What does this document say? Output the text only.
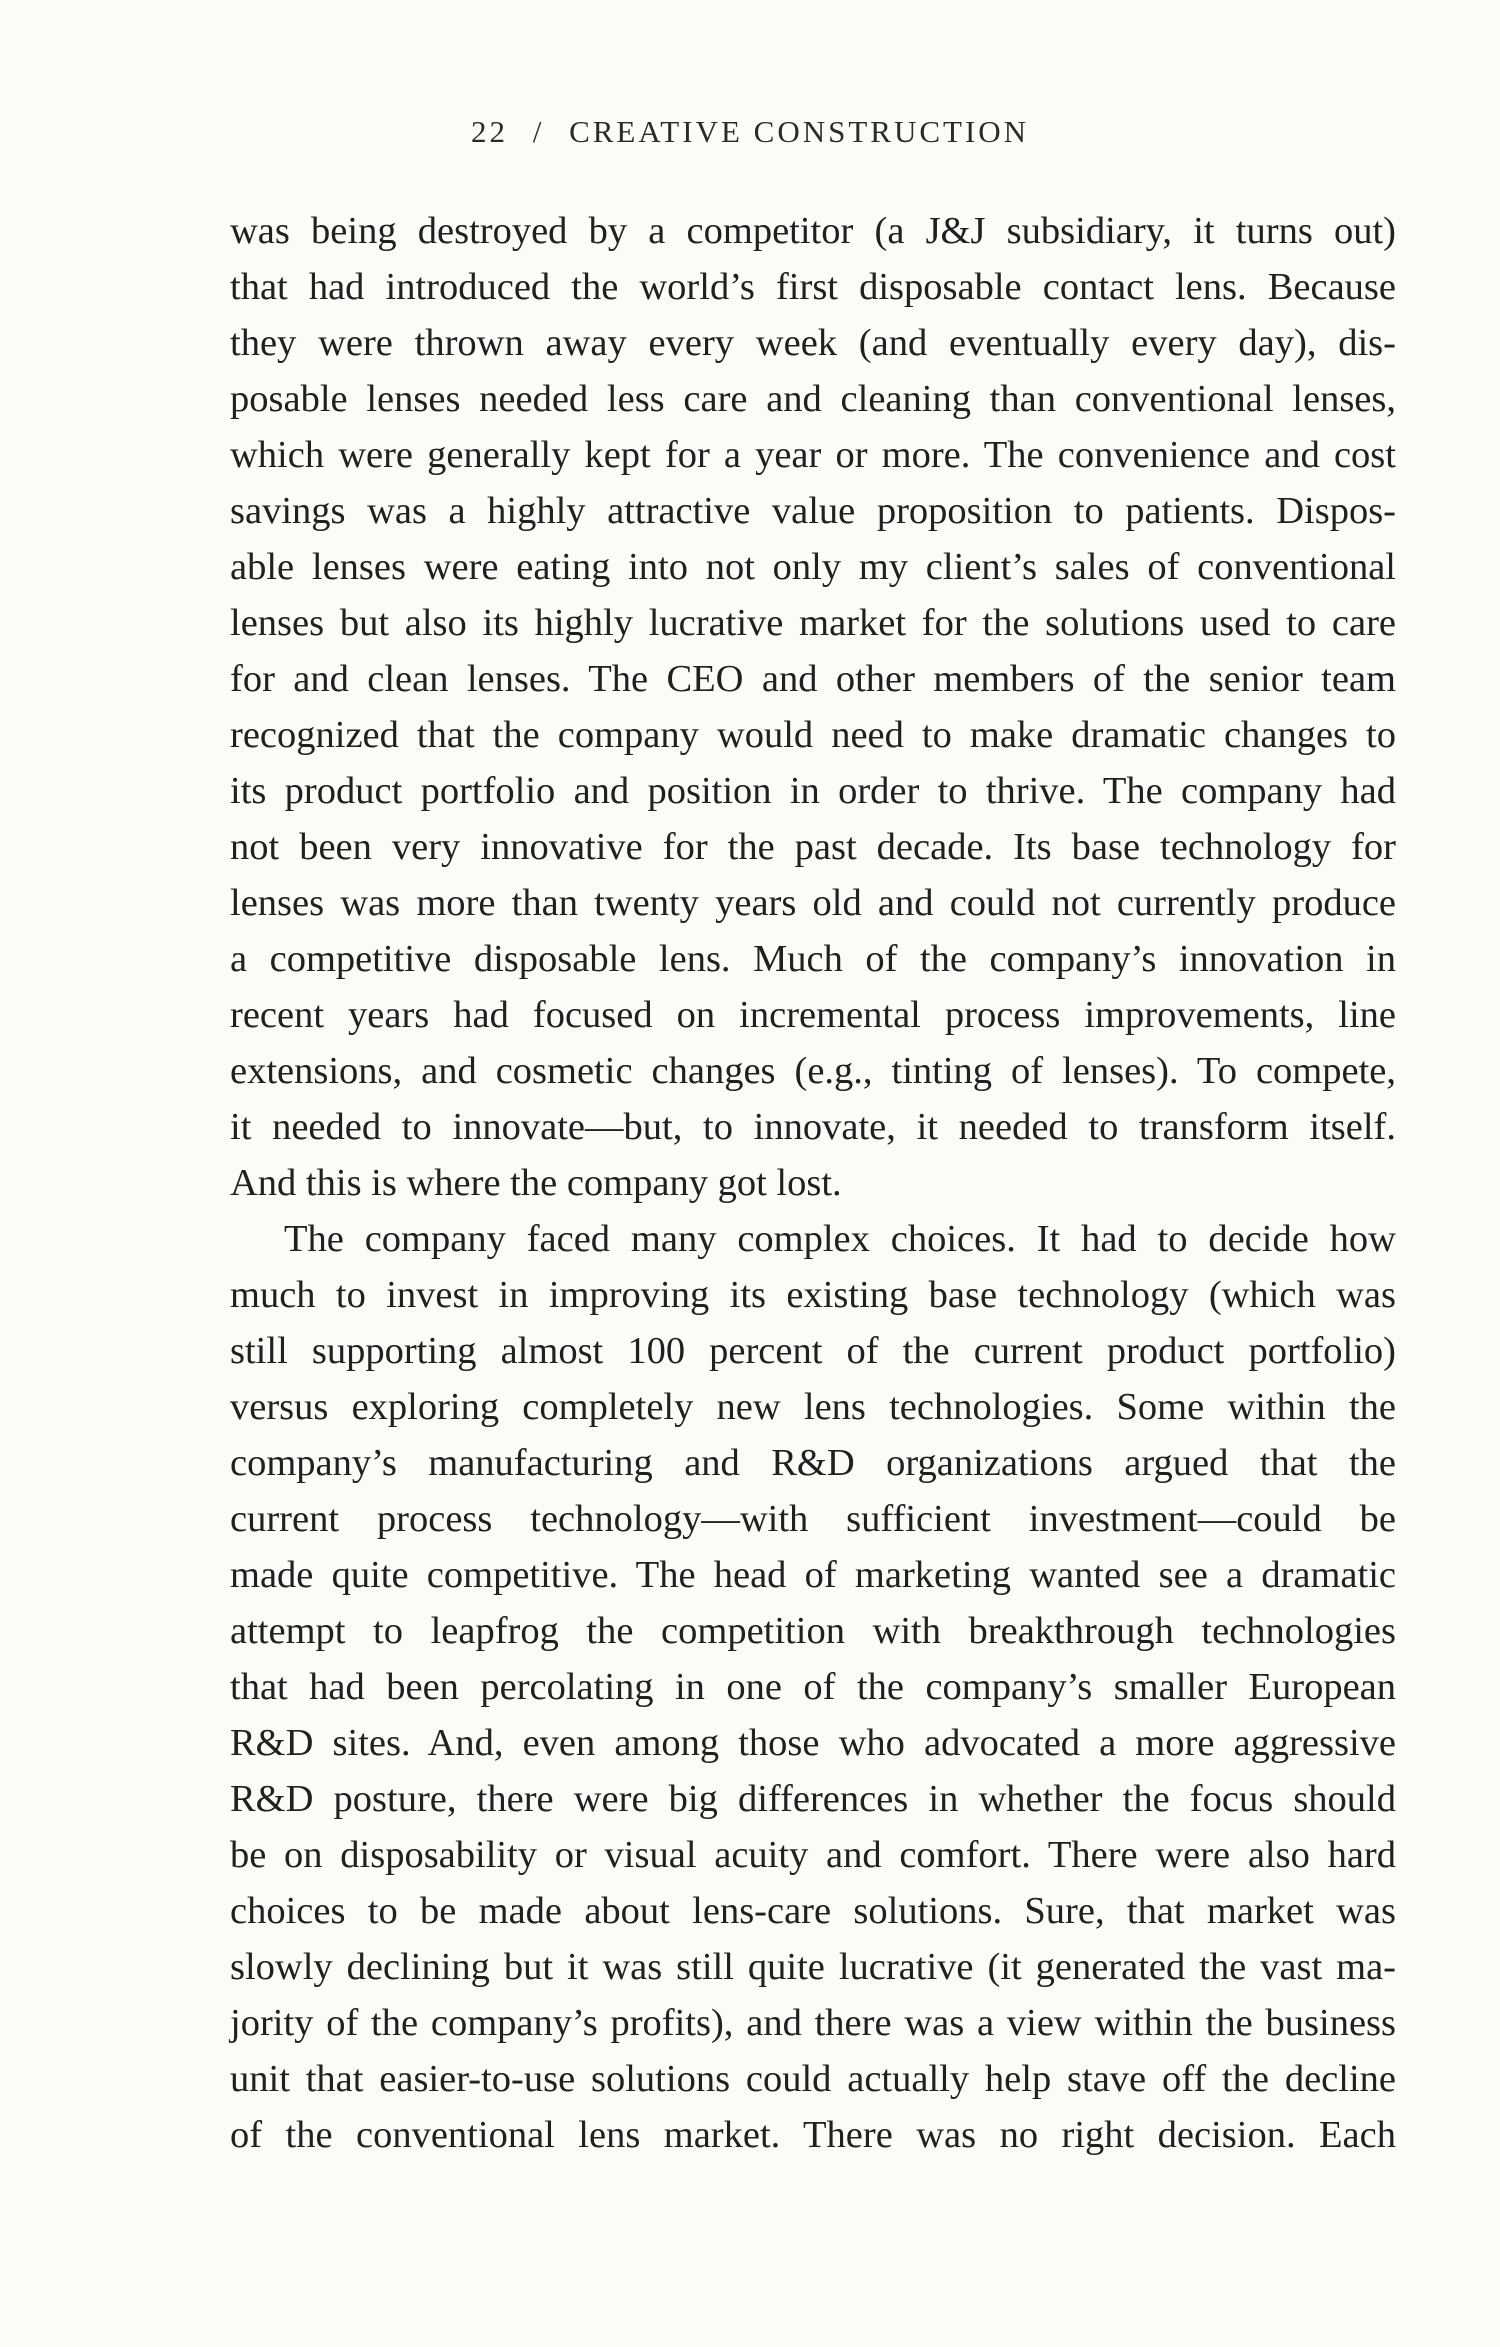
22 / CREATIVE CONSTRUCTION

was being destroyed by a competitor (a J&J subsidiary, it turns out)
that had introduced the world’s first disposable contact lens. Because
they were thrown away every week (and eventually every day), dis-
posable lenses needed less care and cleaning than conventional lenses,
which were generally kept for a year or more. The convenience and cost
savings was a highly attractive value proposition to patients. Dispos-
able lenses were eating into not only my client’s sales of conventional
lenses but also its highly lucrative market for the solutions used to care
for and clean lenses. The CEO and other members of the senior team
recognized that the company would need to make dramatic changes to
its product portfolio and position in order to thrive. The company had
not been very innovative for the past decade. Its base technology for
lenses was more than twenty years old and could not currently produce
a competitive disposable lens. Much of the company’s innovation in
recent years had focused on incremental process improvements, line
extensions, and cosmetic changes (e.g., tinting of lenses). To compete,
it needed to innovate—but, to innovate, it needed to transform itself.
And this is where the company got lost.

The company faced many complex choices. It had to decide how
much to invest in improving its existing base technology (which was
still supporting almost 100 percent of the current product portfolio)
versus exploring completely new lens technologies. Some within the
company’s manufacturing and R&D organizations argued that the
current process technology—with sufficient investment—could be
made quite competitive. The head of marketing wanted see a dramatic
attempt to leapfrog the competition with breakthrough technologies
that had been percolating in one of the company’s smaller European
R&D sites. And, even among those who advocated a more aggressive
R&D posture, there were big differences in whether the focus should
be on disposability or visual acuity and comfort. There were also hard
choices to be made about lens-care solutions. Sure, that market was
slowly declining but it was still quite lucrative (it generated the vast ma-
jority of the company’s profits), and there was a view within the business
unit that easier-to-use solutions could actually help stave off the decline
of the conventional lens market. There was no right decision. Each
